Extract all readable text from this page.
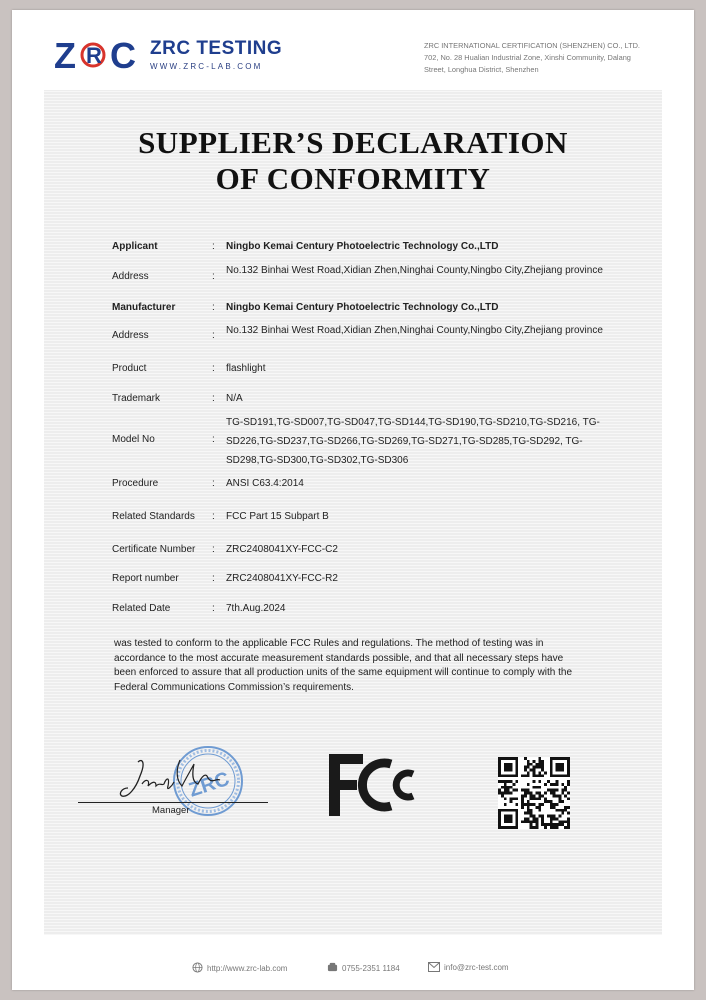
Z R C ZRC TESTING
WWW.ZRC-LAB.COM
ZRC INTERNATIONAL CERTIFICATION (SHENZHEN) CO., LTD.
702, No. 28 Hualian Industrial Zone, Xinshi Community, Dalang
Street, Longhua District, Shenzhen
SUPPLIER’S DECLARATION
OF CONFORMITY
Applicant	: Ningbo Kemai Century Photoelectric Technology Co.,LTD
Address	:
No.132 Binhai West Road,Xidian Zhen,Ninghai County,Ningbo City,Zhejiang province
Manufacturer	: Ningbo Kemai Century Photoelectric Technology Co.,LTD
Address	: No.132 Binhai West Road,Xidian Zhen,Ninghai County,Ningbo City,Zhejiang province
Product	: flashlight
Trademark	: N/A
Model No	:
TG-SD191,TG-SD007,TG-SD047,TG-SD144,TG-SD190,TG-SD210,TG-SD216, TG-SD226,TG-SD237,TG-SD266,TG-SD269,TG-SD271,TG-SD285,TG-SD292, TG-SD298,TG-SD300,TG-SD302,TG-SD306
Procedure	: ANSI C63.4:2014
Related Standards	: FCC Part 15 Subpart B
Certificate Number	: ZRC2408041XY-FCC-C2
Report number	: ZRC2408041XY-FCC-R2
Related Date	: 7th.Aug.2024
was tested to conform to the applicable FCC Rules and regulations. The method of testing was in accordance to the most accurate measurement standards possible, and that all necessary steps have been enforced to assure that all production units of the same equipment will continue to comply with the Federal Communications Commission’s requirements.
ZRC
Manager
http://www.zrc-lab.com	0755-2351 1184	info@zrc-test.com
